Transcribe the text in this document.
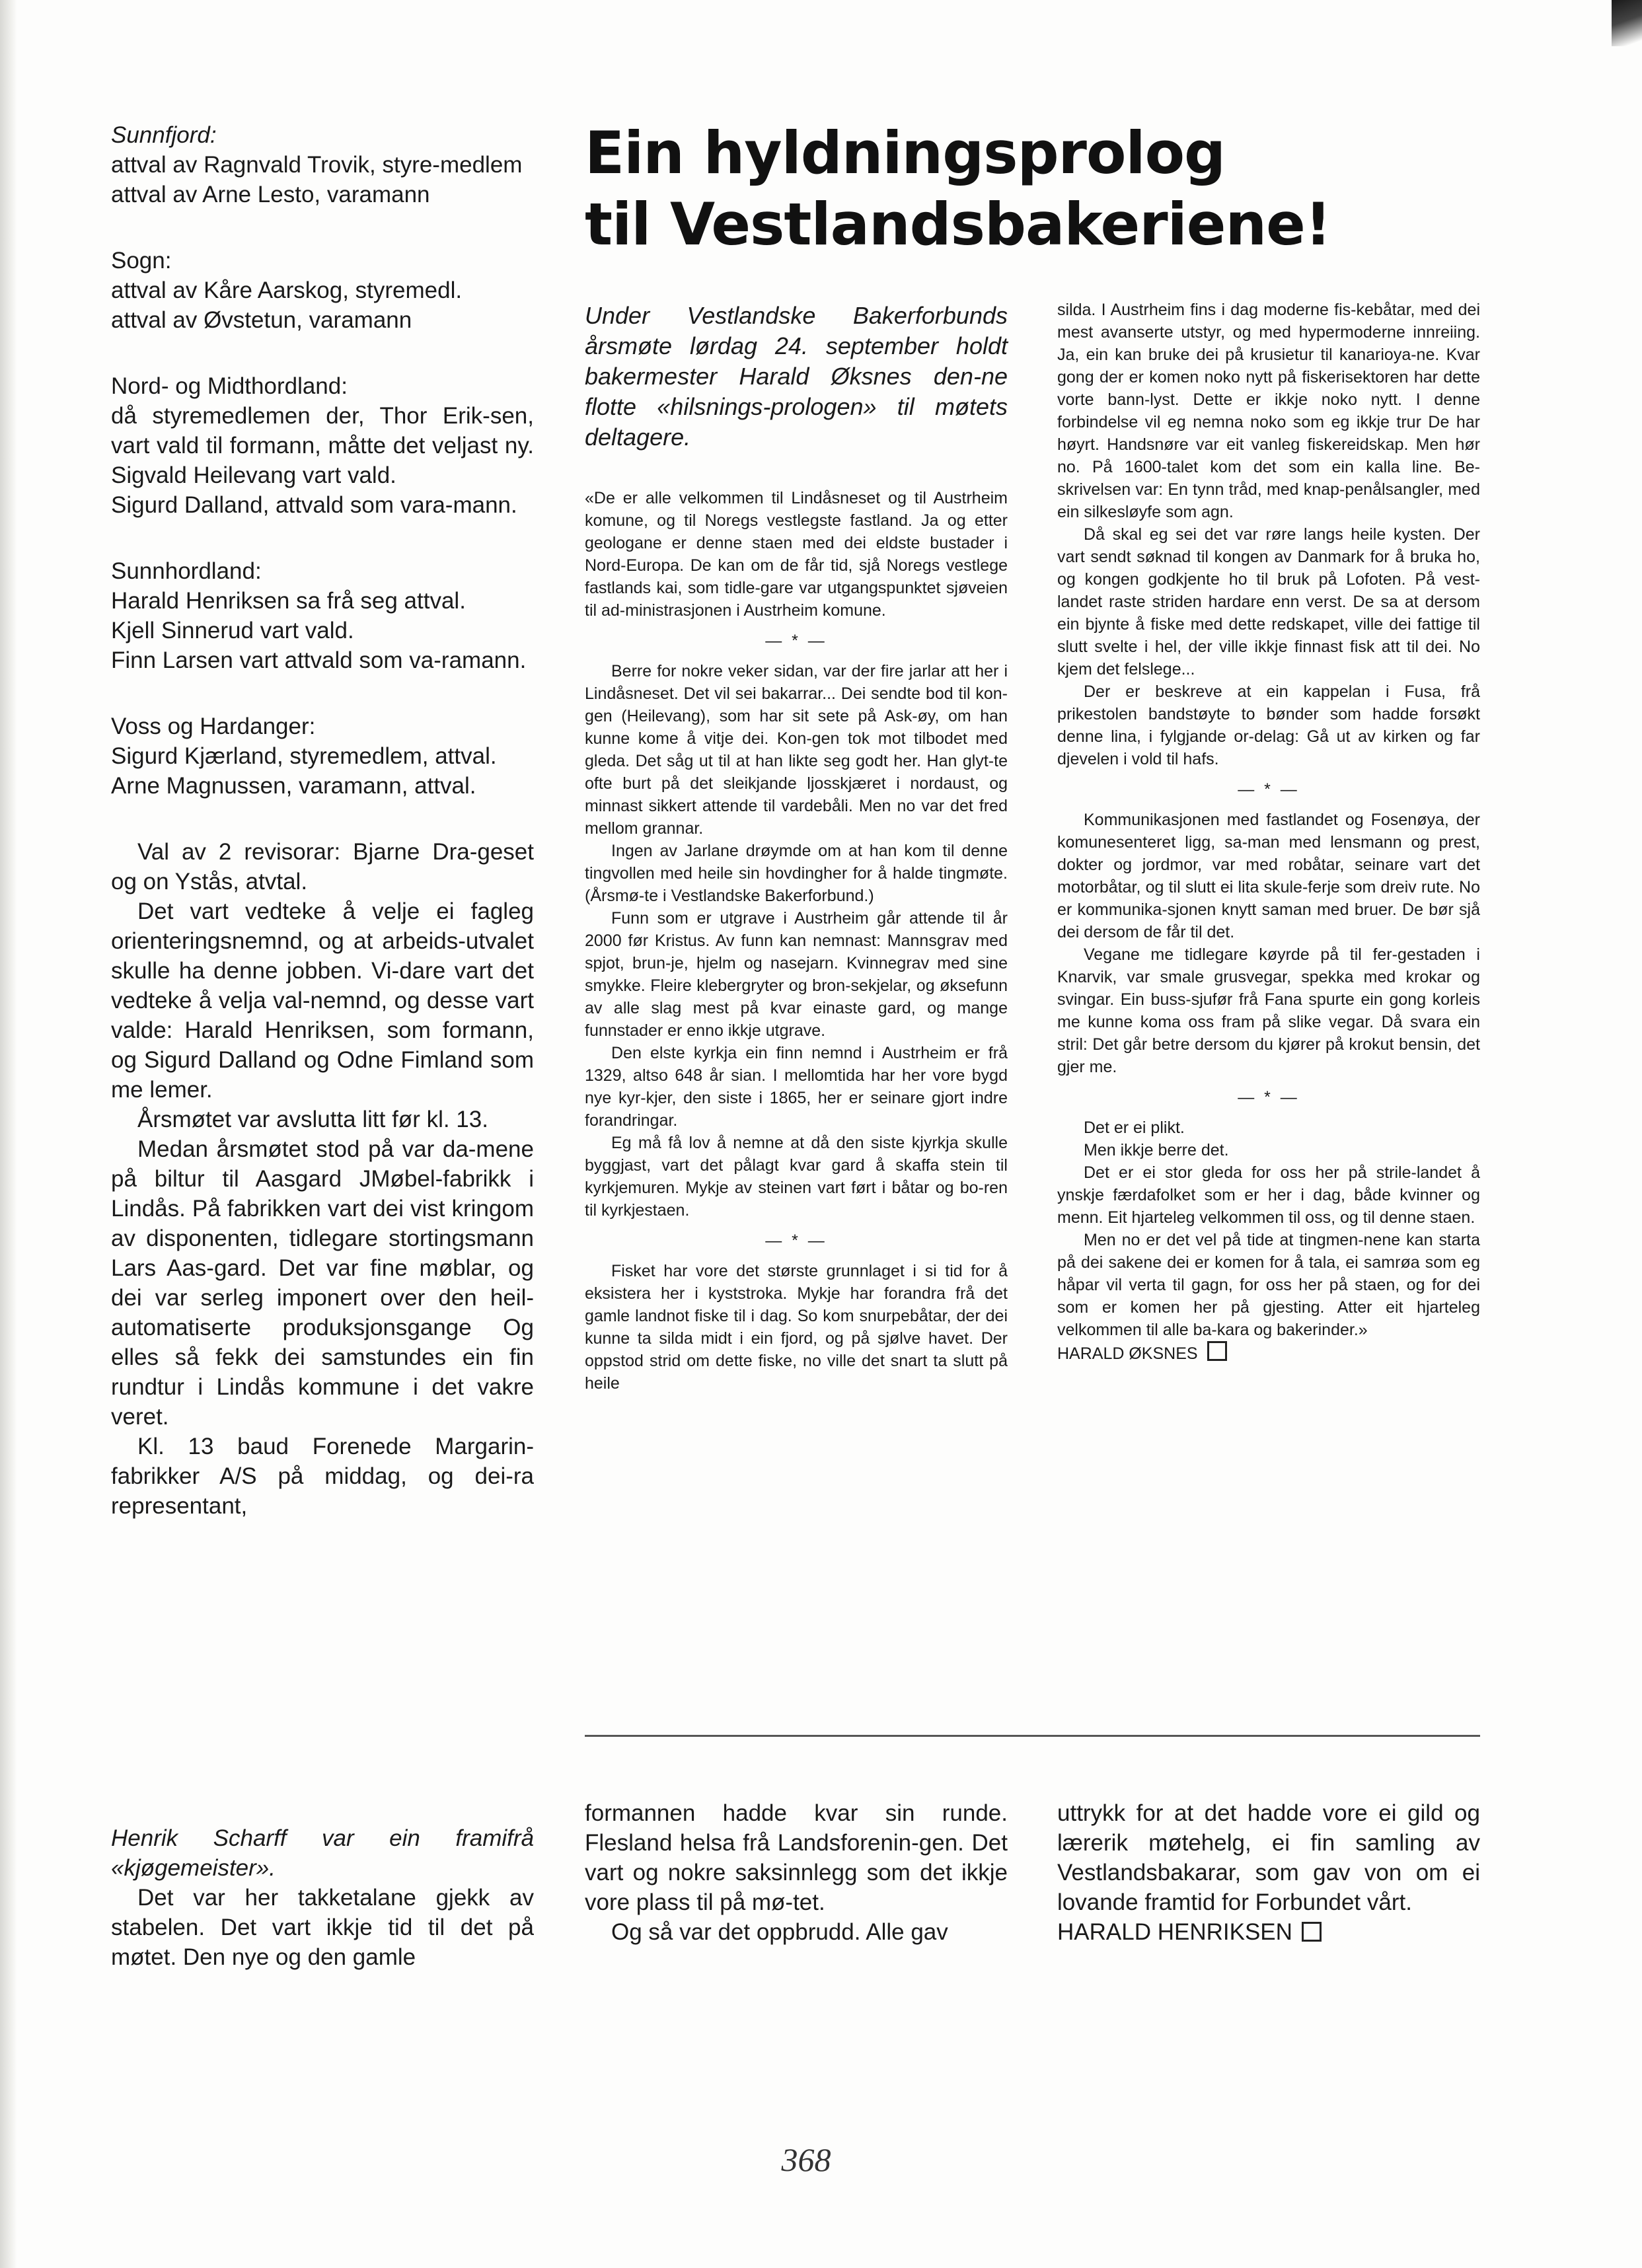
Sunnfjord:

attval av Ragnvald Trovik, styre-medlem

attval av Arne Lesto, varamann

Sogn:

attval av Kåre Aarskog, styremedl.

attval av Øvstetun, varamann

Nord- og Midthordland:

då styremedlemen der, Thor Erik-sen, vart vald til formann, måtte det veljast ny. Sigvald Heilevang vart vald.

Sigurd Dalland, attvald som vara-mann.

Sunnhordland:

Harald Henriksen sa frå seg attval.

Kjell Sinnerud vart vald.

Finn Larsen vart attvald som va-ramann.

Voss og Hardanger:

Sigurd Kjærland, styremedlem, attval.

Arne Magnussen, varamann, attval.

Val av 2 revisorar: Bjarne Dra-geset og on Ystås, atvtal.

Det vart vedteke å velje ei fagleg orienteringsnemnd, og at arbeids-utvalet skulle ha denne jobben. Vi-dare vart det vedteke å velja val-nemnd, og desse vart valde: Harald Henriksen, som formann, og Sigurd Dalland og Odne Fimland som me lemer.

Årsmøtet var avslutta litt før kl. 13.

Medan årsmøtet stod på var da-mene på biltur til Aasgard JMøbel-fabrikk i Lindås. På fabrikken vart dei vist kringom av disponenten, tidlegare stortingsmann Lars Aas-gard. Det var fine møblar, og dei var serleg imponert over den heil-automatiserte produksjonsgange Og elles så fekk dei samstundes ein fin rundtur i Lindås kommune i det vakre veret.

Kl. 13 baud Forenede Margarin-fabrikker A/S på middag, og dei-ra representant,

Ein hyldningsprolog
til Vestlandsbakeriene!

Under Vestlandske Bakerforbunds årsmøte lørdag 24. september holdt bakermester Harald Øksnes den-ne flotte «hilsnings-prologen» til møtets deltagere.

«De er alle velkommen til Lindåsneset og til Austrheim komune, og til Noregs vestlegste fastland. Ja og etter geologane er denne staen med dei eldste bustader i Nord-Europa. De kan om de får tid, sjå Noregs vestlege fastlands kai, som tidle-gare var utgangspunktet sjøveien til ad-ministrasjonen i Austrheim komune.

— * —

Berre for nokre veker sidan, var der fire jarlar att her i Lindåsneset. Det vil sei bakarrar... Dei sendte bod til kon-gen (Heilevang), som har sit sete på Ask-øy, om han kunne kome å vitje dei. Kon-gen tok mot tilbodet med gleda. Det såg ut til at han likte seg godt her. Han glyt-te ofte burt på det sleikjande ljosskjæret i nordaust, og minnast sikkert attende til vardebåli. Men no var det fred mellom grannar.

Ingen av Jarlane drøymde om at han kom til denne tingvollen med heile sin hovdingher for å halde tingmøte. (Årsmø-te i Vestlandske Bakerforbund.)

Funn som er utgrave i Austrheim går attende til år 2000 før Kristus. Av funn kan nemnast: Mannsgrav med spjot, brun-je, hjelm og nasejarn. Kvinnegrav med sine smykke. Fleire klebergryter og bron-sekjelar, og øksefunn av alle slag mest på kvar einaste gard, og mange funnstader er enno ikkje utgrave.

Den elste kyrkja ein finn nemnd i Austrheim er frå 1329, altso 648 år sian. I mellomtida har her vore bygd nye kyr-kjer, den siste i 1865, her er seinare gjort indre forandringar.

Eg må få lov å nemne at då den siste kjyrkja skulle byggjast, vart det pålagt kvar gard å skaffa stein til kyrkjemuren. Mykje av steinen vart ført i båtar og bo-ren til kyrkjestaen.

— * —

Fisket har vore det største grunnlaget i si tid for å eksistera her i kyststroka. Mykje har forandra frå det gamle landnot fiske til i dag. So kom snurpebåtar, der dei kunne ta silda midt i ein fjord, og på sjølve havet. Der oppstod strid om dette fiske, no ville det snart ta slutt på heile

silda. I Austrheim fins i dag moderne fis-kebåtar, med dei mest avanserte utstyr, og med hypermoderne innreiing. Ja, ein kan bruke dei på krusietur til kanarioya-ne. Kvar gong der er komen noko nytt på fiskerisektoren har dette vorte bann-lyst. Dette er ikkje noko nytt. I denne forbindelse vil eg nemna noko som eg ikkje trur De har høyrt. Handsnøre var eit vanleg fiskereidskap. Men hør no. På 1600-talet kom det som ein kalla line. Be-skrivelsen var: En tynn tråd, med knap-penålsangler, med ein silkesløyfe som agn.

Då skal eg sei det var røre langs heile kysten. Der vart sendt søknad til kongen av Danmark for å bruka ho, og kongen godkjente ho til bruk på Lofoten. På vest-landet raste striden hardare enn verst. De sa at dersom ein bjynte å fiske med dette redskapet, ville dei fattige til slutt svelte i hel, der ville ikkje finnast fisk att til dei. No kjem det felslege...

Der er beskreve at ein kappelan i Fusa, frå prikestolen bandstøyte to bønder som hadde forsøkt denne lina, i fylgjande or-delag: Gå ut av kirken og far djevelen i vold til hafs.

— * —

Kommunikasjonen med fastlandet og Fosenøya, der komunesenteret ligg, sa-man med lensmann og prest, dokter og jordmor, var med robåtar, seinare vart det motorbåtar, og til slutt ei lita skule-ferje som dreiv rute. No er kommunika-sjonen knytt saman med bruer. De bør sjå dei dersom de får til det.

Vegane me tidlegare køyrde på til fer-gestaden i Knarvik, var smale grusvegar, spekka med krokar og svingar. Ein buss-sjufør frå Fana spurte ein gong korleis me kunne koma oss fram på slike vegar. Då svara ein stril: Det går betre dersom du kjører på krokut bensin, det gjer me.

— * —

Det er ei plikt.

Men ikkje berre det.

Det er ei stor gleda for oss her på strile-landet å ynskje færdafolket som er her i dag, både kvinner og menn. Eit hjarteleg velkommen til oss, og til denne staen.

Men no er det vel på tide at tingmen-nene kan starta på dei sakene dei er komen for å tala, ei samrøa som eg håpar vil verta til gagn, for oss her på staen, og for dei som er komen her på gjesting. Atter eit hjarteleg velkommen til alle ba-kara og bakerinder.»

HARALD ØKSNES

Henrik Scharff var ein framifrå «kjøgemeister».

Det var her takketalane gjekk av stabelen. Det vart ikkje tid til det på møtet. Den nye og den gamle

formannen hadde kvar sin runde. Flesland helsa frå Landsforenin-gen. Det vart og nokre saksinnlegg som det ikkje vore plass til på mø-tet.

Og så var det oppbrudd. Alle gav

uttrykk for at det hadde vore ei gild og lærerik møtehelg, ei fin samling av Vestlandsbakarar, som gav von om ei lovande framtid for Forbundet vårt.

HARALD HENRIKSEN

368
